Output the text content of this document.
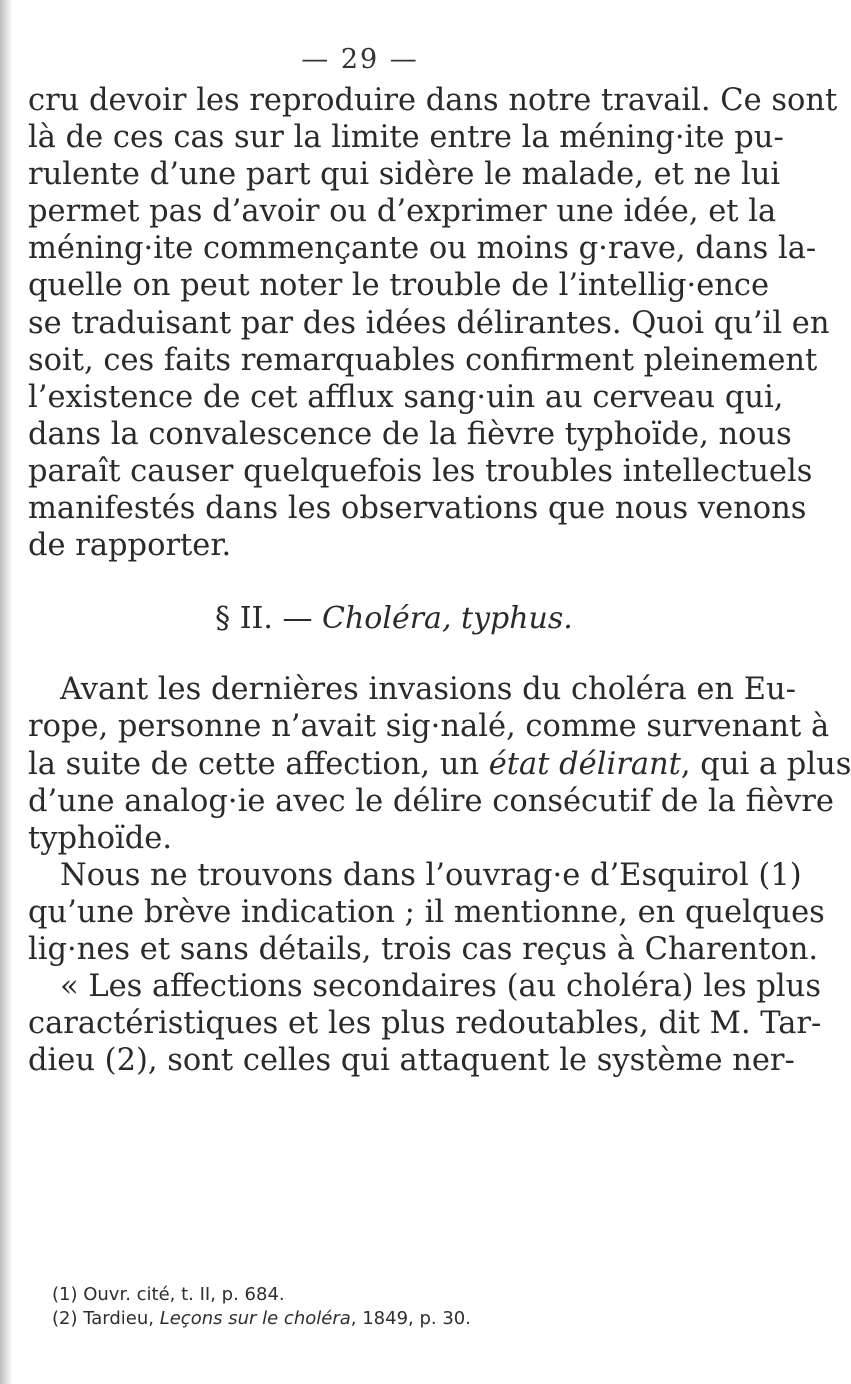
— 29 —
cru devoir les reproduire dans notre travail. Ce sont
là de ces cas sur la limite entre la méning·ite pu-
rulente d’une part qui sidère le malade, et ne lui
permet pas d’avoir ou d’exprimer une idée, et la
méning·ite commençante ou moins g·rave, dans la-
quelle on peut noter le trouble de l’intellig·ence
se traduisant par des idées délirantes. Quoi qu’il en
soit, ces faits remarquables confirment pleinement
l’existence de cet afflux sang·uin au cerveau qui,
dans la convalescence de la fièvre typhoïde, nous
paraît causer quelquefois les troubles intellectuels
manifestés dans les observations que nous venons
de rapporter.
§ II. — Choléra, typhus.
Avant les dernières invasions du choléra en Eu-
rope, personne n’avait sig·nalé, comme survenant à
la suite de cette affection, un état délirant, qui a plus
d’une analog·ie avec le délire consécutif de la fièvre
typhoïde.
Nous ne trouvons dans l’ouvrag·e d’Esquirol (1)
qu’une brève indication ; il mentionne, en quelques
lig·nes et sans détails, trois cas reçus à Charenton.
« Les affections secondaires (au choléra) les plus
caractéristiques et les plus redoutables, dit M. Tar-
dieu (2), sont celles qui attaquent le système ner-
(1) Ouvr. cité, t. II, p. 684.
(2) Tardieu, Leçons sur le choléra, 1849, p. 30.
